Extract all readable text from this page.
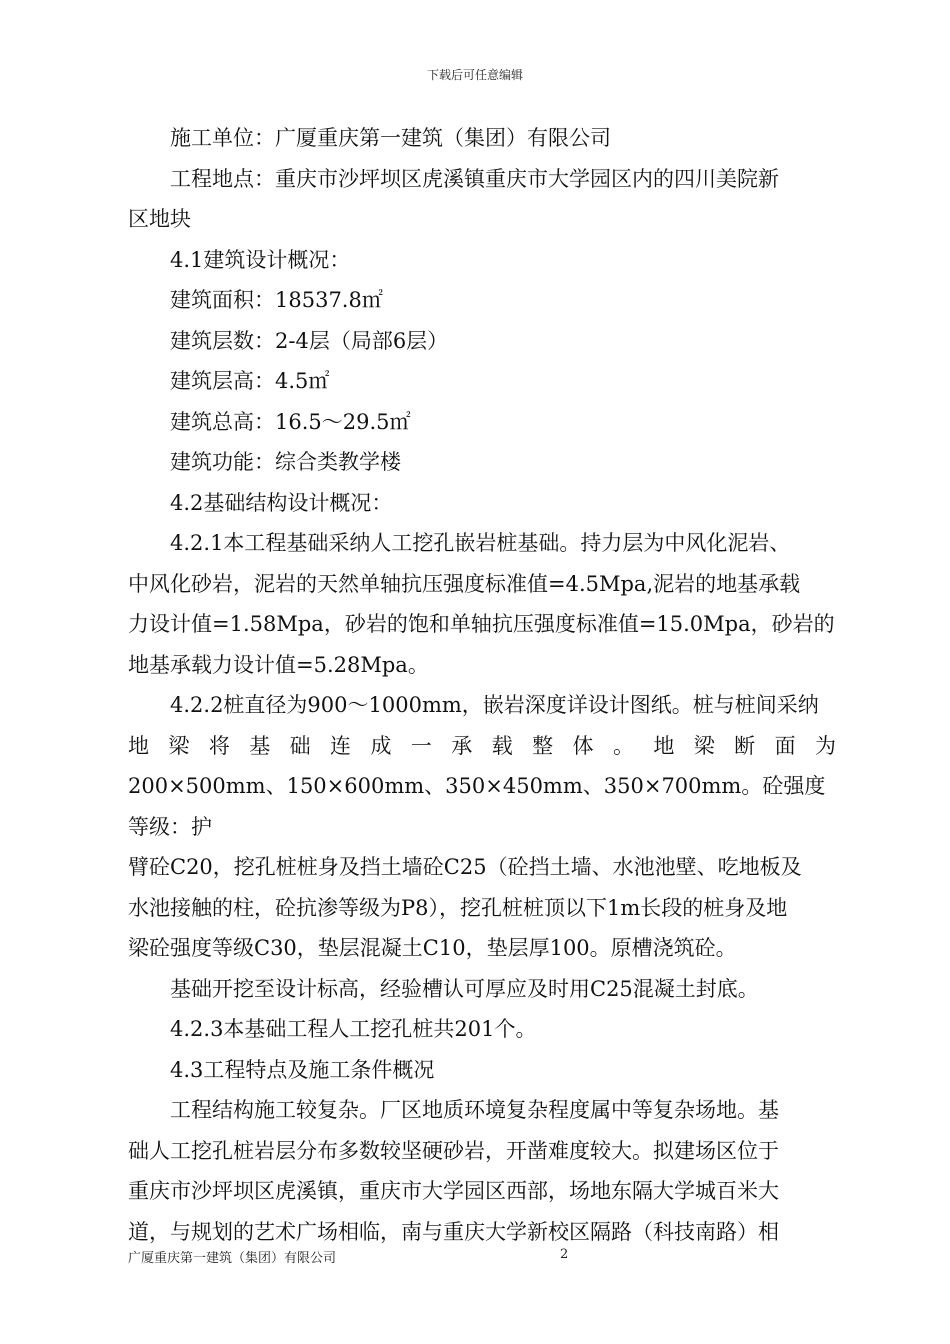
下载后可任意编辑

施工单位：广厦重庆第一建筑（集团）有限公司

工程地点：重庆市沙坪坝区虎溪镇重庆市大学园区内的四川美院新

区地块

4.1建筑设计概况：

建筑面积：18537.8㎡

建筑层数：2-4层（局部6层）

建筑层高：4.5㎡

建筑总高：16.5～29.5㎡

建筑功能：综合类教学楼

4.2基础结构设计概况：

4.2.1本工程基础采纳人工挖孔嵌岩桩基础。持力层为中风化泥岩、

中风化砂岩，泥岩的天然单轴抗压强度标准值=4.5Mpa,泥岩的地基承载

力设计值=1.58Mpa，砂岩的饱和单轴抗压强度标准值=15.0Mpa，砂岩的

地基承载力设计值=5.28Mpa。

4.2.2桩直径为900～1000mm，嵌岩深度详设计图纸。桩与桩间采纳

地梁将基础连成一承载整体。地梁断面为

200×500mm、150×600mm、350×450mm、350×700mm。砼强度等级：护

臂砼C20，挖孔桩桩身及挡土墙砼C25（砼挡土墙、水池池壁、吃地板及

水池接触的柱，砼抗渗等级为P8），挖孔桩桩顶以下1m长段的桩身及地

梁砼强度等级C30，垫层混凝土C10，垫层厚100。原槽浇筑砼。

基础开挖至设计标高，经验槽认可厚应及时用C25混凝土封底。

4.2.3本基础工程人工挖孔桩共201个。

4.3工程特点及施工条件概况

工程结构施工较复杂。厂区地质环境复杂程度属中等复杂场地。基

础人工挖孔桩岩层分布多数较坚硬砂岩，开凿难度较大。拟建场区位于

重庆市沙坪坝区虎溪镇，重庆市大学园区西部，场地东隔大学城百米大

道，与规划的艺术广场相临，南与重庆大学新校区隔路（科技南路）相

广厦重庆第一建筑（集团）有限公司	2
